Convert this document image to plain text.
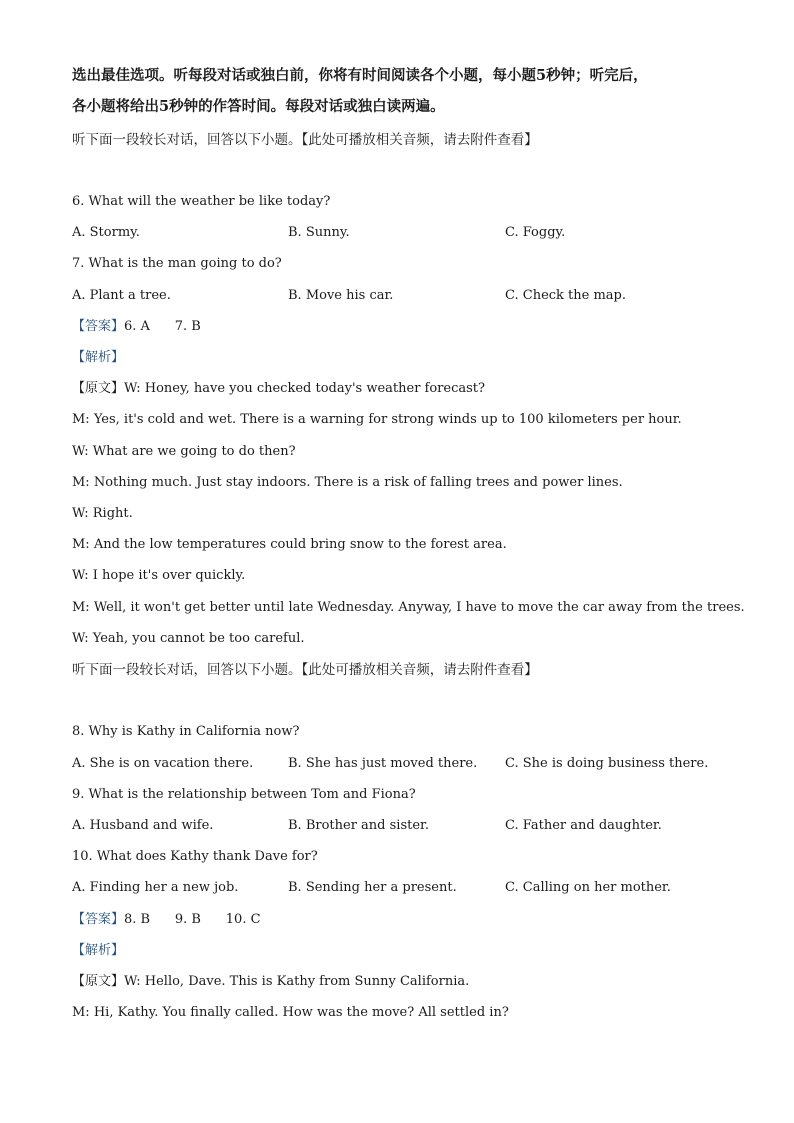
选出最佳选项。听每段对话或独白前，你将有时间阅读各个小题，每小题5秒钟；听完后，
各小题将给出5秒钟的作答时间。每段对话或独白读两遍。
听下面一段较长对话，回答以下小题。【此处可播放相关音频，请去附件查看】
6. What will the weather be like today?
A. Stormy.	B. Sunny.	C. Foggy.
7. What is the man going to do?
A. Plant a tree.	B. Move his car.	C. Check the map.
【答案】6. A      7. B
【解析】
【原文】W: Honey, have you checked today's weather forecast?
M: Yes, it's cold and wet. There is a warning for strong winds up to 100 kilometers per hour.
W: What are we going to do then?
M: Nothing much. Just stay indoors. There is a risk of falling trees and power lines.
W: Right.
M: And the low temperatures could bring snow to the forest area.
W: I hope it's over quickly.
M: Well, it won't get better until late Wednesday. Anyway, I have to move the car away from the trees.
W: Yeah, you cannot be too careful.
听下面一段较长对话，回答以下小题。【此处可播放相关音频，请去附件查看】
8. Why is Kathy in California now?
A. She is on vacation there.	B. She has just moved there. C. She is doing business there.
9. What is the relationship between Tom and Fiona?
A. Husband and wife.	B. Brother and sister.	C. Father and daughter.
10. What does Kathy thank Dave for?
A. Finding her a new job.	B. Sending her a present.	C. Calling on her mother.
【答案】8. B      9. B      10. C
【解析】
【原文】W: Hello, Dave. This is Kathy from Sunny California.
M: Hi, Kathy. You finally called. How was the move? All settled in?
